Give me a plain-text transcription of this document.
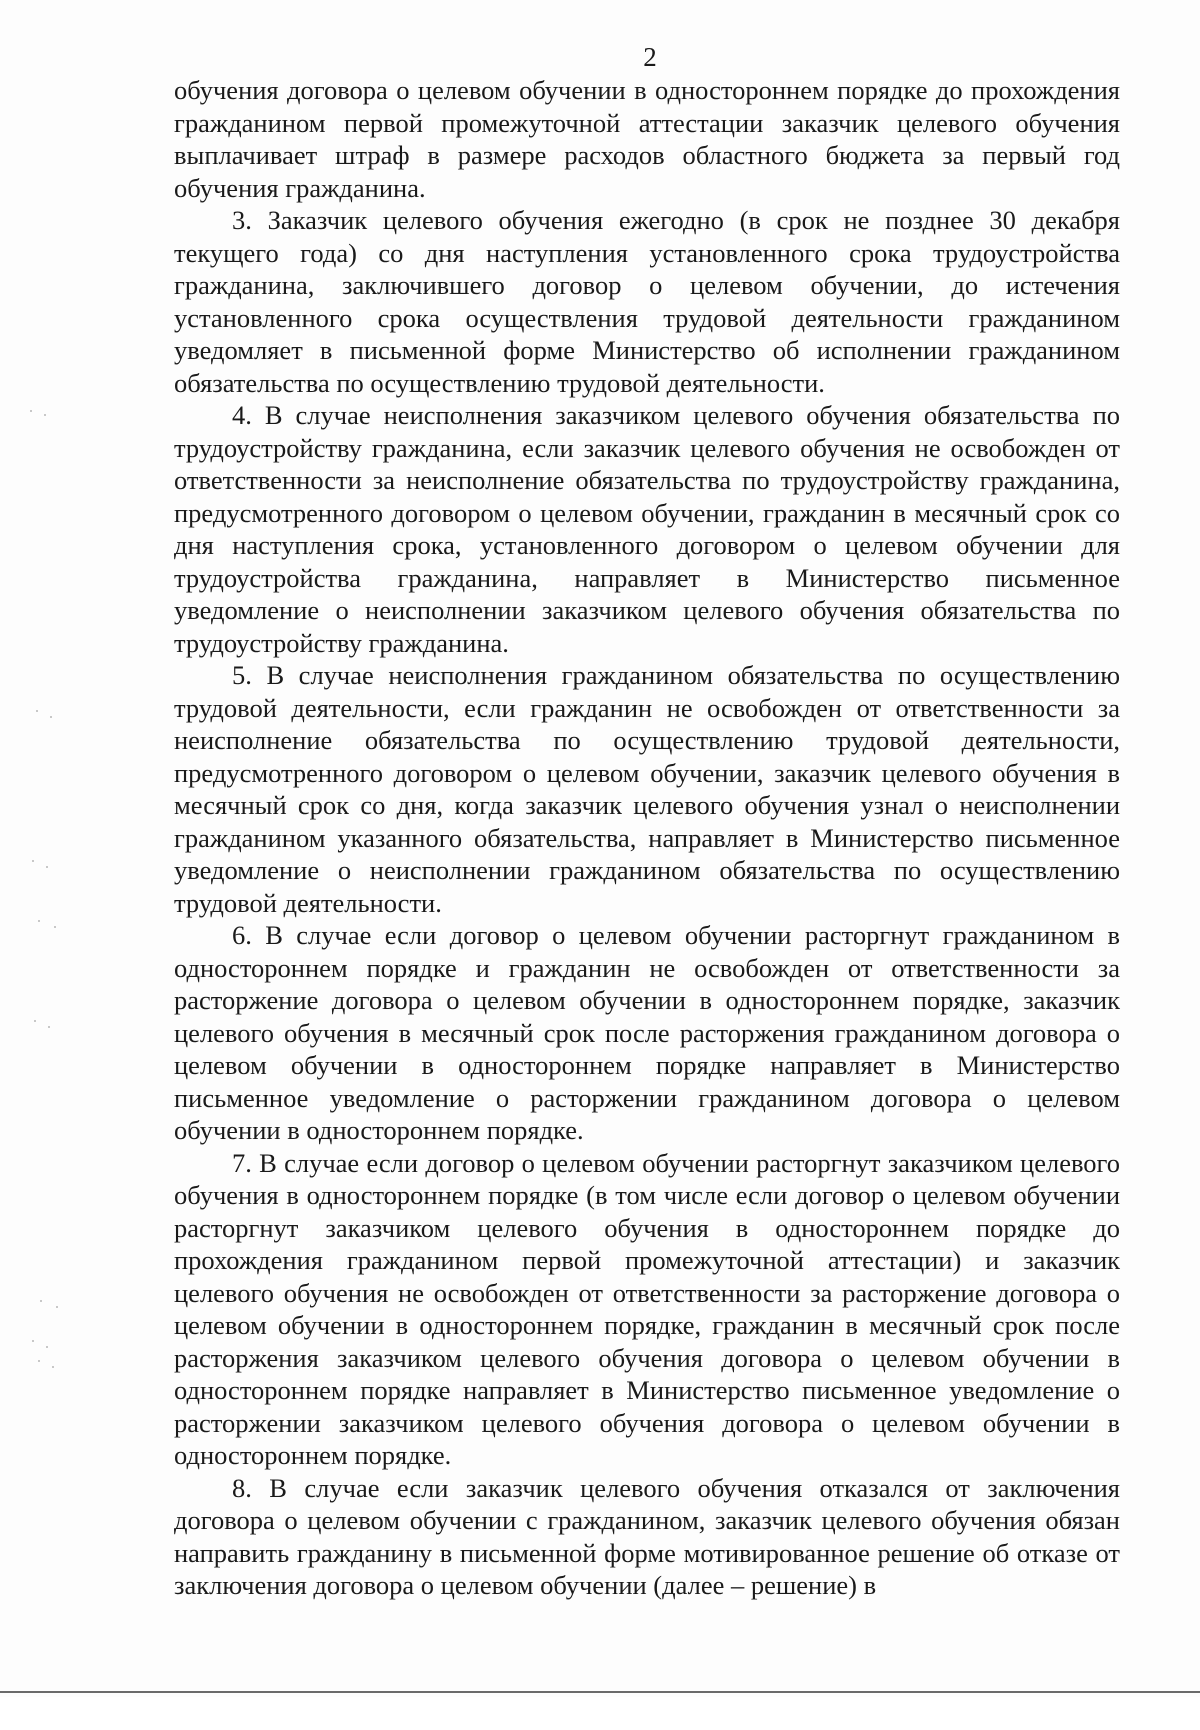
2

обучения договора о целевом обучении в одностороннем порядке до прохождения гражданином первой промежуточной аттестации заказчик целевого обучения выплачивает штраф в размере расходов областного бюджета за первый год обучения гражданина.

3. Заказчик целевого обучения ежегодно (в срок не позднее 30 декабря текущего года) со дня наступления установленного срока трудоустройства гражданина, заключившего договор о целевом обучении, до истечения установленного срока осуществления трудовой деятельности гражданином уведомляет в письменной форме Министерство об исполнении гражданином обязательства по осуществлению трудовой деятельности.

4. В случае неисполнения заказчиком целевого обучения обязательства по трудоустройству гражданина, если заказчик целевого обучения не освобожден от ответственности за неисполнение обязательства по трудоустройству гражданина, предусмотренного договором о целевом обучении, гражданин в месячный срок со дня наступления срока, установленного договором о целевом обучении для трудоустройства гражданина, направляет в Министерство письменное уведомление о неисполнении заказчиком целевого обучения обязательства по трудоустройству гражданина.

5. В случае неисполнения гражданином обязательства по осуществлению трудовой деятельности, если гражданин не освобожден от ответственности за неисполнение обязательства по осуществлению трудовой деятельности, предусмотренного договором о целевом обучении, заказчик целевого обучения в месячный срок со дня, когда заказчик целевого обучения узнал о неисполнении гражданином указанного обязательства, направляет в Министерство письменное уведомление о неисполнении гражданином обязательства по осуществлению трудовой деятельности.

6. В случае если договор о целевом обучении расторгнут гражданином в одностороннем порядке и гражданин не освобожден от ответственности за расторжение договора о целевом обучении в одностороннем порядке, заказчик целевого обучения в месячный срок после расторжения гражданином договора о целевом обучении в одностороннем порядке направляет в Министерство письменное уведомление о расторжении гражданином договора о целевом обучении в одностороннем порядке.

7. В случае если договор о целевом обучении расторгнут заказчиком целевого обучения в одностороннем порядке (в том числе если договор о целевом обучении расторгнут заказчиком целевого обучения в одностороннем порядке до прохождения гражданином первой промежуточной аттестации) и заказчик целевого обучения не освобожден от ответственности за расторжение договора о целевом обучении в одностороннем порядке, гражданин в месячный срок после расторжения заказчиком целевого обучения договора о целевом обучении в одностороннем порядке направляет в Министерство письменное уведомление о расторжении заказчиком целевого обучения договора о целевом обучении в одностороннем порядке.

8. В случае если заказчик целевого обучения отказался от заключения договора о целевом обучении с гражданином, заказчик целевого обучения обязан направить гражданину в письменной форме мотивированное решение об отказе от заключения договора о целевом обучении (далее – решение) в
